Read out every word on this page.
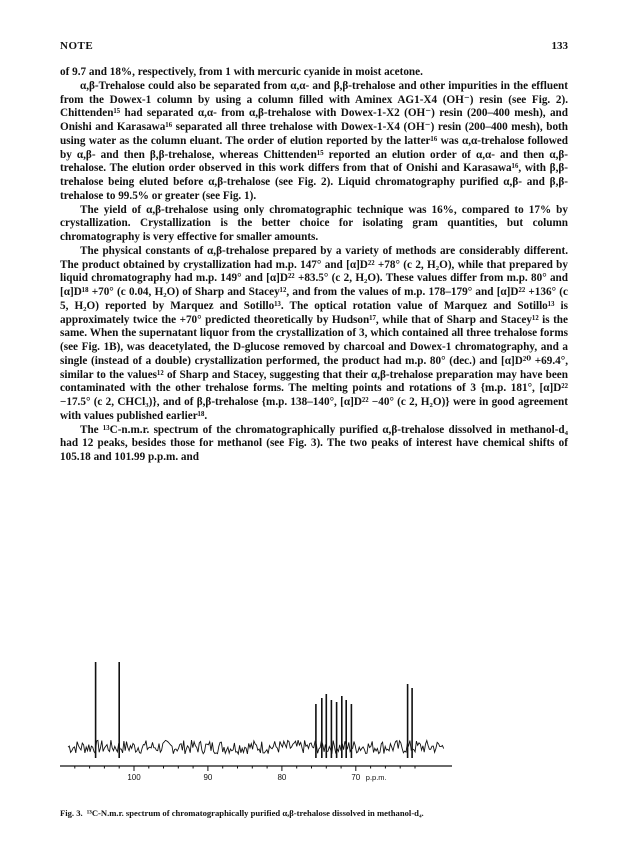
NOTE	133

of 9.7 and 18%, respectively, from 1 with mercuric cyanide in moist acetone.

α,β-Trehalose could also be separated from α,α- and β,β-trehalose and other impurities in the effluent from the Dowex-1 column by using a column filled with Aminex AG1-X4 (OH⁻) resin (see Fig. 2). Chittenden¹⁵ had separated α,α- from α,β-trehalose with Dowex-1-X2 (OH⁻) resin (200–400 mesh), and Onishi and Karasawa¹⁶ separated all three trehalose with Dowex-1-X4 (OH⁻) resin (200–400 mesh), both using water as the column eluant. The order of elution reported by the latter¹⁶ was α,α-trehalose followed by α,β- and then β,β-trehalose, whereas Chittenden¹⁵ reported an elution order of α,α- and then α,β-trehalose. The elution order observed in this work differs from that of Onishi and Karasawa¹⁶, with β,β-trehalose being eluted before α,β-trehalose (see Fig. 2). Liquid chromatography purified α,β- and β,β-trehalose to 99.5% or greater (see Fig. 1).

The yield of α,β-trehalose using only chromatographic technique was 16%, compared to 17% by crystallization. Crystallization is the better choice for isolating gram quantities, but column chromatography is very effective for smaller amounts.

The physical constants of α,β-trehalose prepared by a variety of methods are considerably different. The product obtained by crystallization had m.p. 147° and [α]D²² +78° (c 2, H₂O), while that prepared by liquid chromatography had m.p. 149° and [α]D²² +83.5° (c 2, H₂O). These values differ from m.p. 80° and [α]D¹⁸ +70° (c 0.04, H₂O) of Sharp and Stacey¹², and from the values of m.p. 178–179° and [α]D²² +136° (c 5, H₂O) reported by Marquez and Sotillo¹³. The optical rotation value of Marquez and Sotillo¹³ is approximately twice the +70° predicted theoretically by Hudson¹⁷, while that of Sharp and Stacey¹² is the same. When the supernatant liquor from the crystallization of 3, which contained all three trehalose forms (see Fig. 1B), was deacetylated, the D-glucose removed by charcoal and Dowex-1 chromatography, and a single (instead of a double) crystallization performed, the product had m.p. 80° (dec.) and [α]D²⁰ +69.4°, similar to the values¹² of Sharp and Stacey, suggesting that their α,β-trehalose preparation may have been contaminated with the other trehalose forms. The melting points and rotations of 3 {m.p. 181°, [α]D²² −17.5° (c 2, CHCl₃)}, and of β,β-trehalose {m.p. 138–140°, [α]D²² −40° (c 2, H₂O)} were in good agreement with values published earlier¹⁸.

The ¹³C-n.m.r. spectrum of the chromatographically purified α,β-trehalose dissolved in methanol-d₄ had 12 peaks, besides those for methanol (see Fig. 3). The two peaks of interest have chemical shifts of 105.18 and 101.99 p.p.m. and

100	90	80	70 p.p.m.
Fig. 3. ¹³C-N.m.r. spectrum of chromatographically purified α,β-trehalose dissolved in methanol-d₄.
